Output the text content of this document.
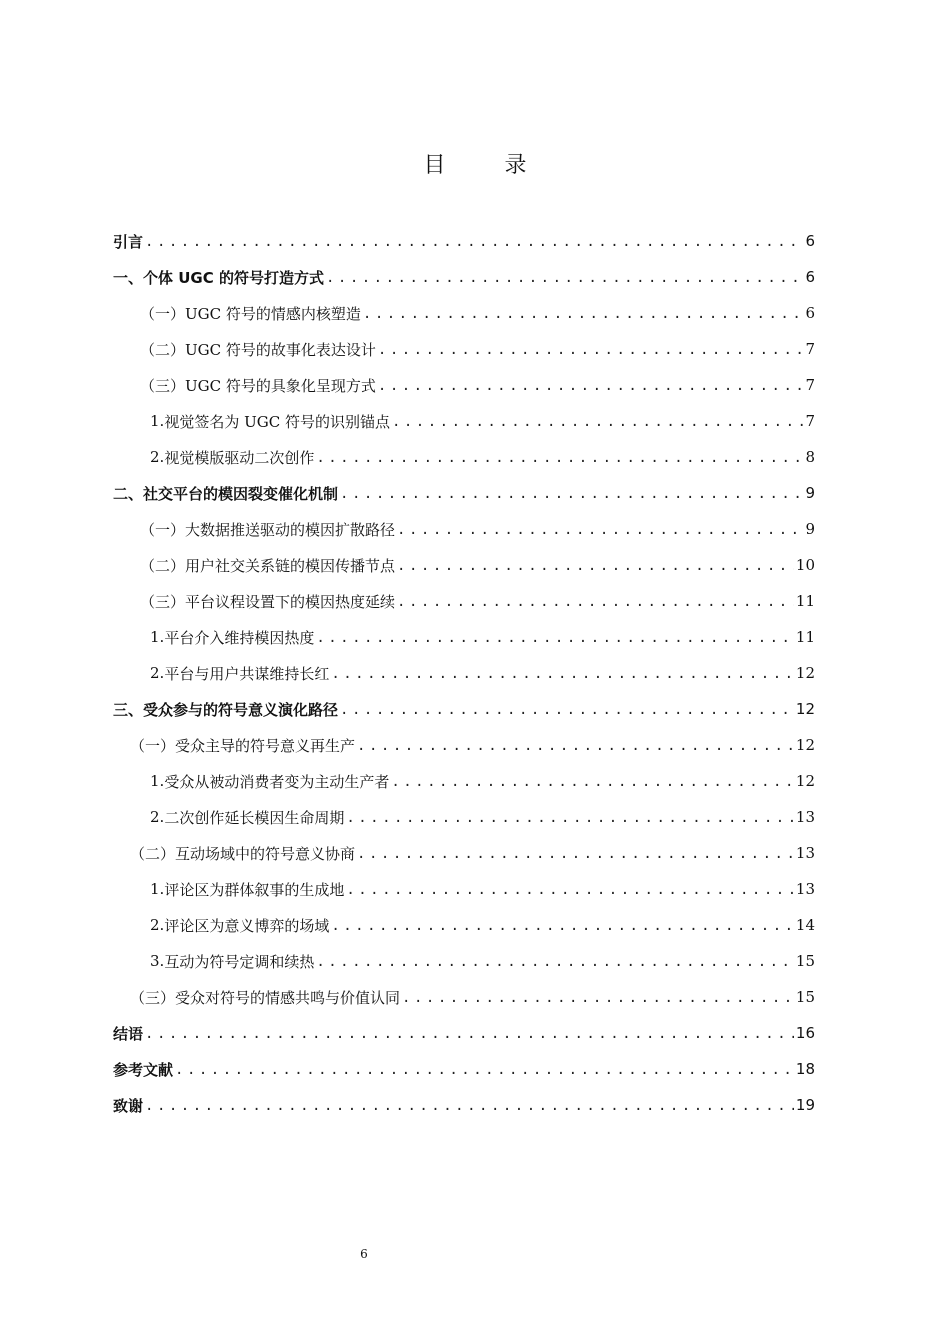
目 录
引言 .....	6
一、 个体 UGC 的符号打造方式 .....	6
（一） UGC 符号的情感内核塑造 .....	6
（二） UGC 符号的故事化表达设计 .....	7
（三） UGC 符号的具象化呈现方式 .....	7
1. 视觉签名为 UGC 符号的识别锚点 .....	7
2. 视觉模版驱动二次创作 .....	8
二、 社交平台的模因裂变催化机制 .....	9
（一） 大数据推送驱动的模因扩散路径 .....	9
（二） 用户社交关系链的模因传播节点 .....	10
（三） 平台议程设置下的模因热度延续 .....	11
1. 平台介入维持模因热度 .....	11
2. 平台与用户共谋维持长红 .....	12
三、 受众参与的符号意义演化路径 .....	12
（一） 受众主导的符号意义再生产 .....	12
1. 受众从被动消费者变为主动生产者 .....	12
2. 二次创作延长模因生命周期 .....	13
（二） 互动场域中的符号意义协商 .....	13
1. 评论区为群体叙事的生成地 .....	13
2. 评论区为意义博弈的场域 .....	14
3. 互动为符号定调和续热 .....	15
（三） 受众对符号的情感共鸣与价值认同 .....	15
结语 .....	16
参考文献 .....	18
致谢 .....	19
6
